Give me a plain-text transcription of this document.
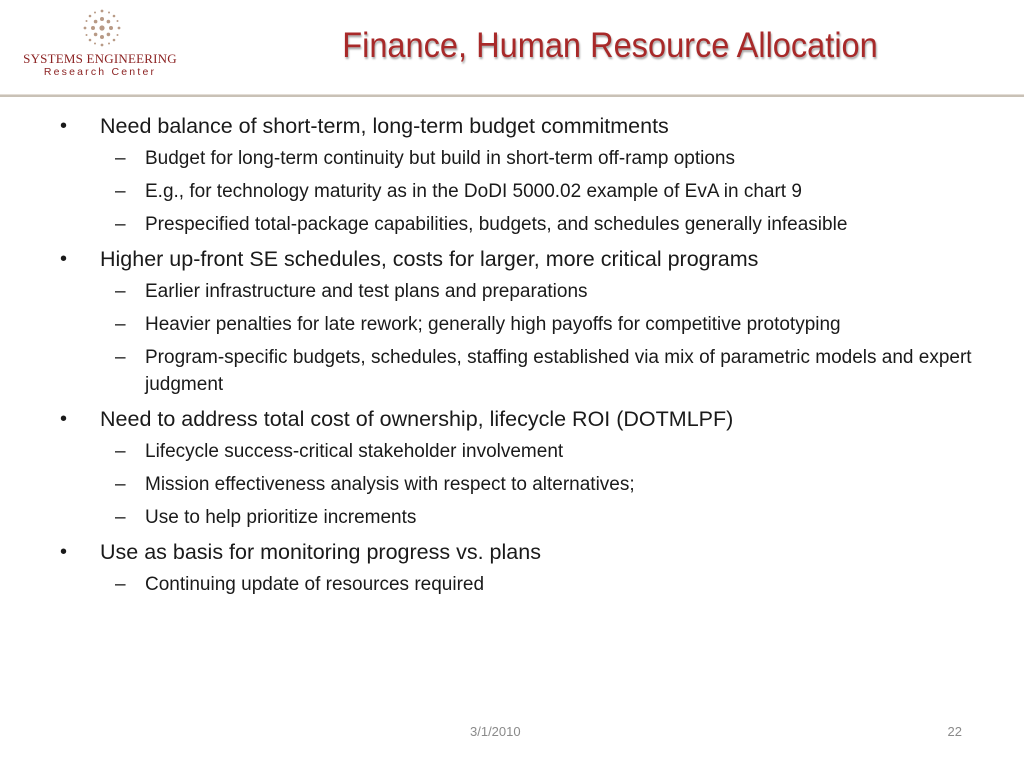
SYSTEMS ENGINEERING
Research Center
Finance, Human Resource Allocation
• Need balance of short-term, long-term budget commitments
– Budget for long-term continuity but build in short-term off-ramp options
– E.g., for technology maturity as in the DoDI 5000.02 example of EvA in chart 9
– Prespecified total-package capabilities, budgets, and schedules generally infeasible
• Higher up-front SE schedules, costs for larger, more critical programs
– Earlier infrastructure and test plans and preparations
– Heavier penalties for late rework; generally high payoffs for competitive prototyping
– Program-specific budgets, schedules, staffing established via mix of parametric models and expert judgment
• Need to address total cost of ownership, lifecycle ROI (DOTMLPF)
– Lifecycle success-critical stakeholder involvement
– Mission effectiveness analysis with respect to alternatives;
– Use to help prioritize increments
• Use as basis for monitoring progress vs. plans
– Continuing update of resources required
3/1/2010	22
